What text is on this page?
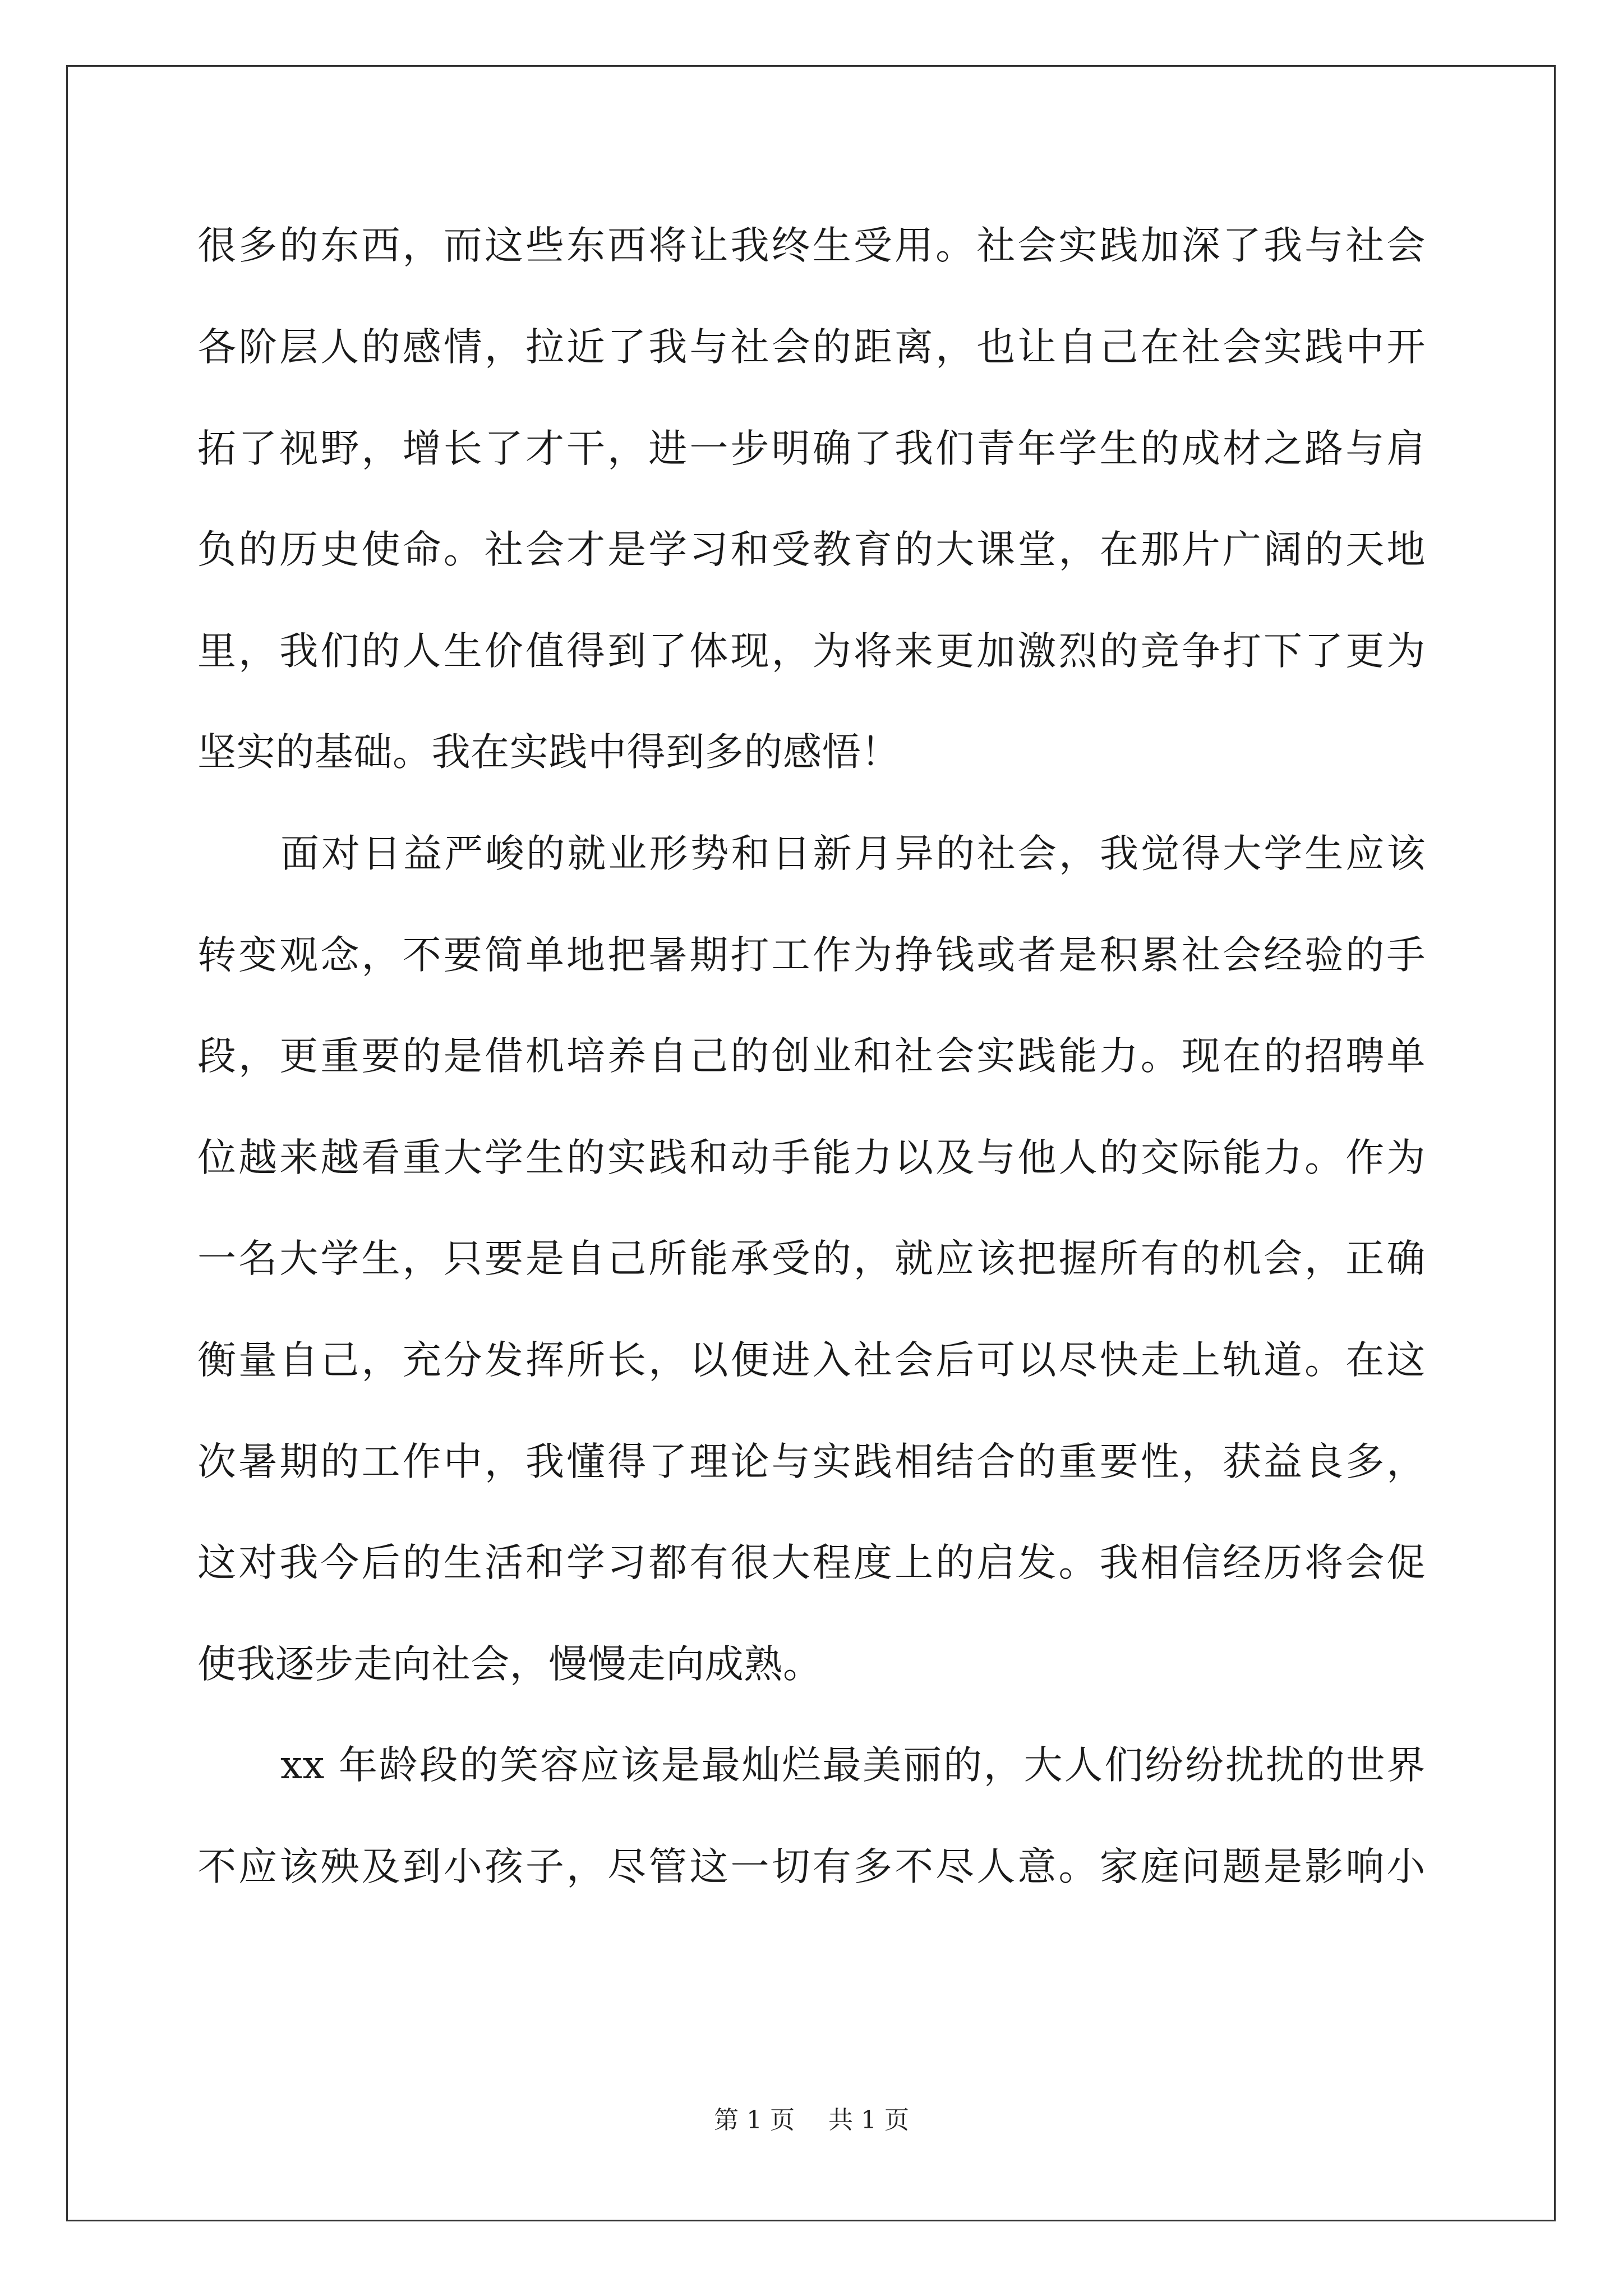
很多的东西，而这些东西将让我终生受用。社会实践加深了我与社会
各阶层人的感情，拉近了我与社会的距离，也让自己在社会实践中开
拓了视野，增长了才干，进一步明确了我们青年学生的成材之路与肩
负的历史使命。社会才是学习和受教育的大课堂，在那片广阔的天地
里，我们的人生价值得到了体现，为将来更加激烈的竞争打下了更为
坚实的基础。我在实践中得到多的感悟！
面对日益严峻的就业形势和日新月异的社会，我觉得大学生应该
转变观念，不要简单地把暑期打工作为挣钱或者是积累社会经验的手
段，更重要的是借机培养自己的创业和社会实践能力。现在的招聘单
位越来越看重大学生的实践和动手能力以及与他人的交际能力。作为
一名大学生，只要是自己所能承受的，就应该把握所有的机会，正确
衡量自己，充分发挥所长，以便进入社会后可以尽快走上轨道。在这
次暑期的工作中，我懂得了理论与实践相结合的重要性，获益良多，
这对我今后的生活和学习都有很大程度上的启发。我相信经历将会促
使我逐步走向社会，慢慢走向成熟。
xx 年龄段的笑容应该是最灿烂最美丽的，大人们纷纷扰扰的世界
不应该殃及到小孩子，尽管这一切有多不尽人意。家庭问题是影响小
第 1 页 共 1 页
